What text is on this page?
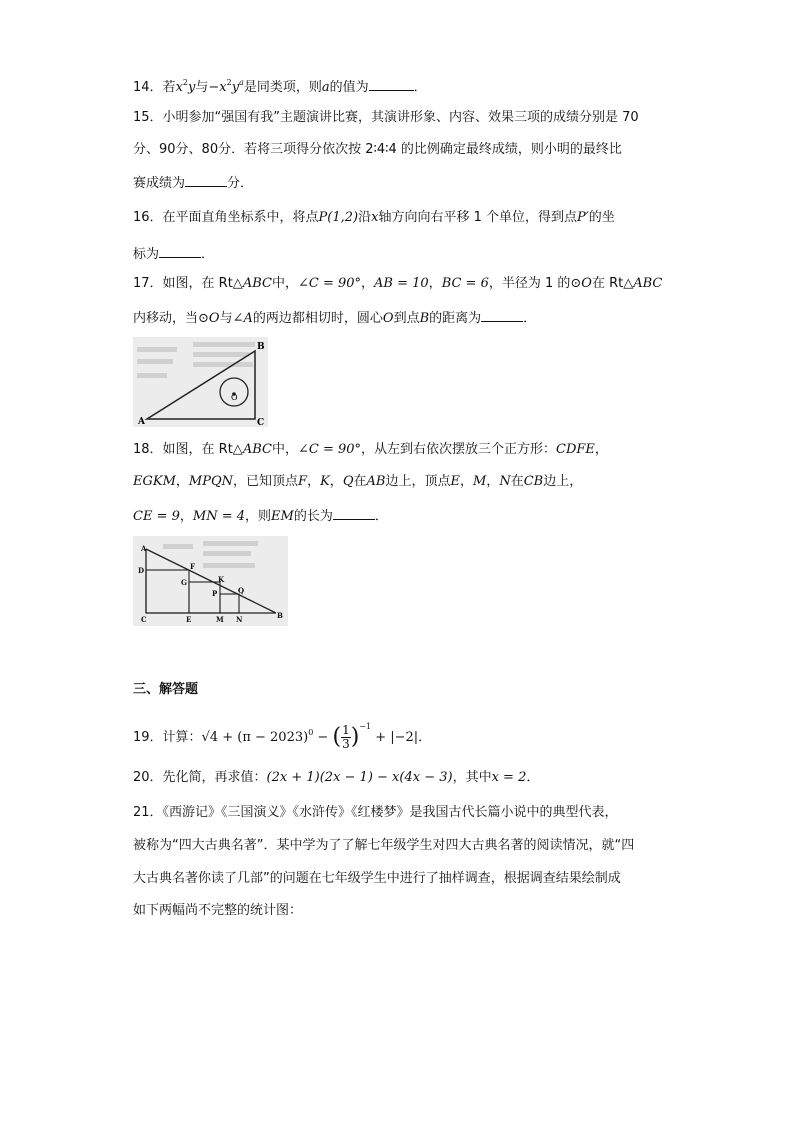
14．若$x^2y$与$-x^2y^a$是同类项，则a的值为	．
15．小明参加“强国有我”主题演讲比赛，其演讲形象、内容、效果三项的成绩分别是 70
分、90分、80分．若将三项得分依次按 2∶4∶4 的比例确定最终成绩，则小明的最终比
赛成绩为	分．
16．在平面直角坐标系中，将点P(1,2)沿x轴方向向右平移 1 个单位，得到点P′的坐
标为	．
17．如图，在 Rt△ABC中，∠C = 90°，AB = 10，BC = 6，半径为 1 的⊙O在 Rt△ABC
内移动，当⊙O与∠A的两边都相切时，圆心O到点B的距离为	．
A
B
C
O
18．如图，在 Rt△ABC中，∠C = 90°，从左到右依次摆放三个正方形：CDFE，
EGKM，MPQN，已知顶点F，K，Q在AB边上，顶点E，M，N在CB边上，
CE = 9，MN = 4，则EM的长为	．
A
D	F
G	K
P	Q
C	E	M N	B
三、解答题
19．计算：$√4 + (\pi - 2023)^0$ − ( $\frac{1}{3} )^{-1} + |-2|$．
20．先化简，再求值：(2x + 1)(2x − 1) − x(4x − 3)，其中x = 2．
21．《西游记》《三国演义》《水浒传》《红楼梦》是我国古代长篇小说中的典型代表，
被称为“四大古典名著”．某中学为了了解七年级学生对四大古典名著的阅读情况，就“四
大古典名著你读了几部”的问题在七年级学生中进行了抽样调查，根据调查结果绘制成
如下两幅尚不完整的统计图：
